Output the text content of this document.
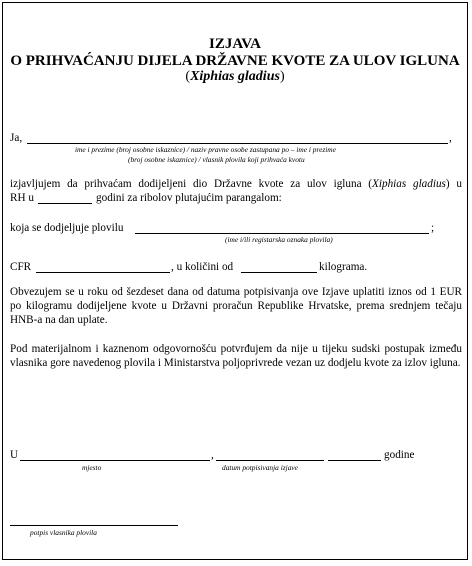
IZJAVA
O PRIHVAĆANJU DIJELA DRŽAVNE KVOTE ZA ULOV IGLUNA
(Xiphias gladius)
Ja,	,
ime i prezime (broj osobne iskaznice) / naziv pravne osobe zastupana po – ime i prezime
(broj osobne iskaznice) / vlasnik plovila koji prihvaća kvotu
izjavljujem da prihvaćam dodijeljeni dio Državne kvote za ulov igluna (Xiphias gladius) u
RH u	godini za ribolov plutajućim parangalom:
koja se dodjeljuje plovilu	;
(ime i/ili registarska oznaka plovila)
CFR	, u količini od	kilograma.
Obvezujem se u roku od šezdeset dana od datuma potpisivanja ove Izjave uplatiti iznos od 1 EUR po kilogramu dodijeljene kvote u Državni proračun Republike Hrvatske, prema srednjem tečaju HNB-a na dan uplate.
Pod materijalnom i kaznenom odgovornošću potvrđujem da nije u tijeku sudski postupak između vlasnika gore navedenog plovila i Ministarstva poljoprivrede vezan uz dodjelu kvote za izlov igluna.
U	,	godine
mjesto	datum potpisivanja izjave
potpis vlasnika plovila
